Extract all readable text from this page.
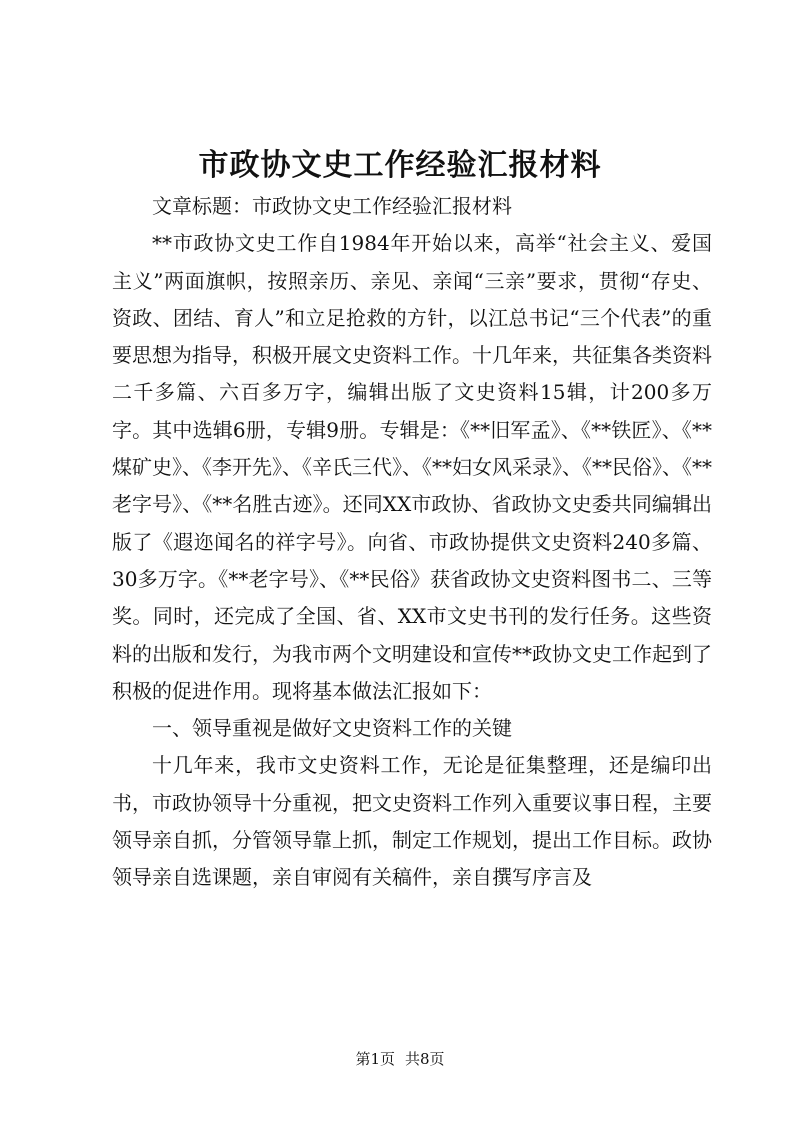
市政协文史工作经验汇报材料

文章标题：市政协文史工作经验汇报材料

**市政协文史工作自1984年开始以来，高举“社会主义、爱国主义”两面旗帜，按照亲历、亲见、亲闻“三亲”要求，贯彻“存史、资政、团结、育人”和立足抢救的方针，以江总书记“三个代表”的重要思想为指导，积极开展文史资料工作。十几年来，共征集各类资料二千多篇、六百多万字，编辑出版了文史资料15辑，计200多万字。其中选辑6册，专辑9册。专辑是：《**旧军孟》、《**铁匠》、《**煤矿史》、《李开先》、《辛氏三代》、《**妇女风采录》、《**民俗》、《**老字号》、《**名胜古迹》。还同XX市政协、省政协文史委共同编辑出版了《遐迩闻名的祥字号》。向省、市政协提供文史资料240多篇、30多万字。《**老字号》、《**民俗》获省政协文史资料图书二、三等奖。同时，还完成了全国、省、XX市文史书刊的发行任务。这些资料的出版和发行，为我市两个文明建设和宣传**政协文史工作起到了积极的促进作用。现将基本做法汇报如下：

一、领导重视是做好文史资料工作的关键

十几年来，我市文史资料工作，无论是征集整理，还是编印出书，市政协领导十分重视，把文史资料工作列入重要议事日程，主要领导亲自抓，分管领导靠上抓，制定工作规划，提出工作目标。政协领导亲自选课题，亲自审阅有关稿件，亲自撰写序言及

第1页 共8页
